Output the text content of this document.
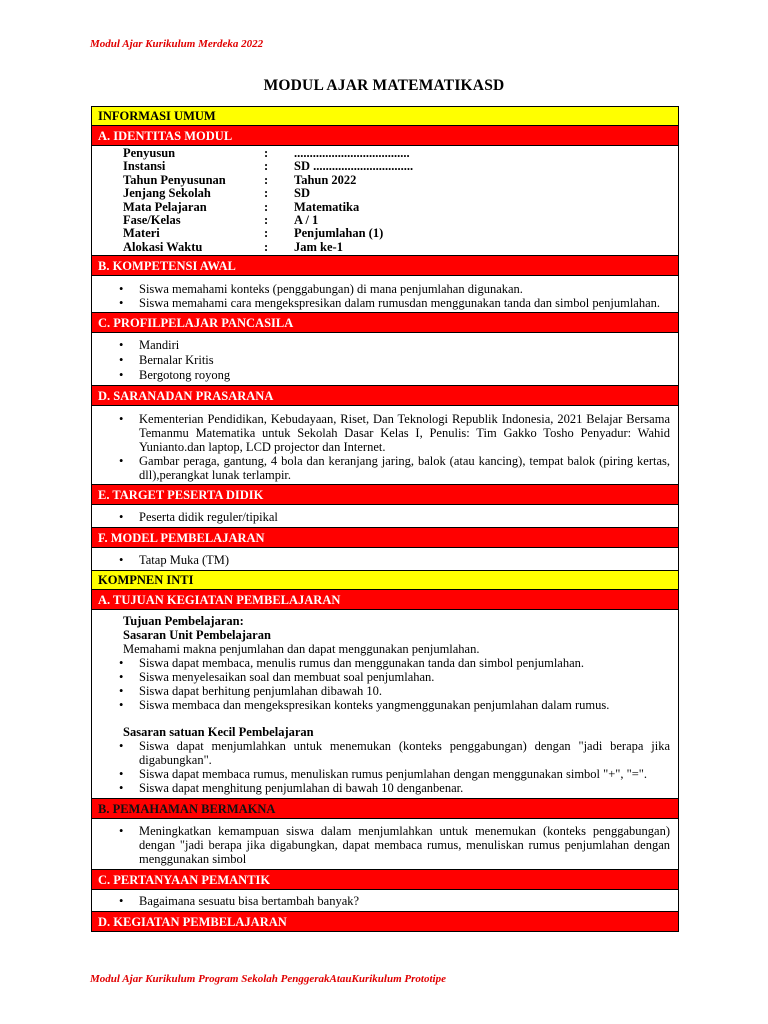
Modul Ajar Kurikulum Merdeka 2022
MODUL AJAR MATEMATIKASD
INFORMASI UMUM
A. IDENTITAS MODUL
Penyusun	:	.....................................
Instansi	:	SD ................................
Tahun Penyusunan	:	Tahun 2022
Jenjang Sekolah	:	SD
Mata Pelajaran	:	Matematika
Fase/Kelas	:	A / 1
Materi	:	Penjumlahan (1)
Alokasi Waktu	:	Jam ke-1
B. KOMPETENSI AWAL
• Siswa memahami konteks (penggabungan) di mana penjumlahan digunakan.
• Siswa memahami cara mengekspresikan dalam rumusdan menggunakan tanda dan simbol penjumlahan.
C. PROFILPELAJAR PANCASILA
• Mandiri
• Bernalar Kritis
• Bergotong royong
D. SARANADAN PRASARANA
• Kementerian Pendidikan, Kebudayaan, Riset, Dan Teknologi Republik Indonesia, 2021 Belajar Bersama Temanmu Matematika untuk Sekolah Dasar Kelas I, Penulis: Tim Gakko Tosho Penyadur: Wahid Yunianto.dan laptop, LCD projector dan Internet.
• Gambar peraga, gantung, 4 bola dan keranjang jaring, balok (atau kancing), tempat balok (piring kertas, dll),perangkat lunak terlampir.
E. TARGET PESERTA DIDIK
• Peserta didik reguler/tipikal
F. MODEL PEMBELAJARAN
• Tatap Muka (TM)
KOMPNEN INTI
A. TUJUAN KEGIATAN PEMBELAJARAN
Tujuan Pembelajaran:
Sasaran Unit Pembelajaran
Memahami makna penjumlahan dan dapat menggunakan penjumlahan.
• Siswa dapat membaca, menulis rumus dan menggunakan tanda dan simbol penjumlahan.
• Siswa menyelesaikan soal dan membuat soal penjumlahan.
• Siswa dapat berhitung penjumlahan dibawah 10.
• Siswa membaca dan mengekspresikan konteks yangmenggunakan penjumlahan dalam rumus.
Sasaran satuan Kecil Pembelajaran
• Siswa dapat menjumlahkan untuk menemukan (konteks penggabungan) dengan "jadi berapa jika digabungkan".
• Siswa dapat membaca rumus, menuliskan rumus penjumlahan dengan menggunakan simbol "+", "=".
• Siswa dapat menghitung penjumlahan di bawah 10 denganbenar.
B. PEMAHAMAN BERMAKNA
• Meningkatkan kemampuan siswa dalam menjumlahkan untuk menemukan (konteks penggabungan) dengan "jadi berapa jika digabungkan, dapat membaca rumus, menuliskan rumus penjumlahan dengan menggunakan simbol
C. PERTANYAAN PEMANTIK
• Bagaimana sesuatu bisa bertambah banyak?
D. KEGIATAN PEMBELAJARAN
Modul Ajar Kurikulum Program Sekolah PenggerakAtauKurikulum Prototipe
